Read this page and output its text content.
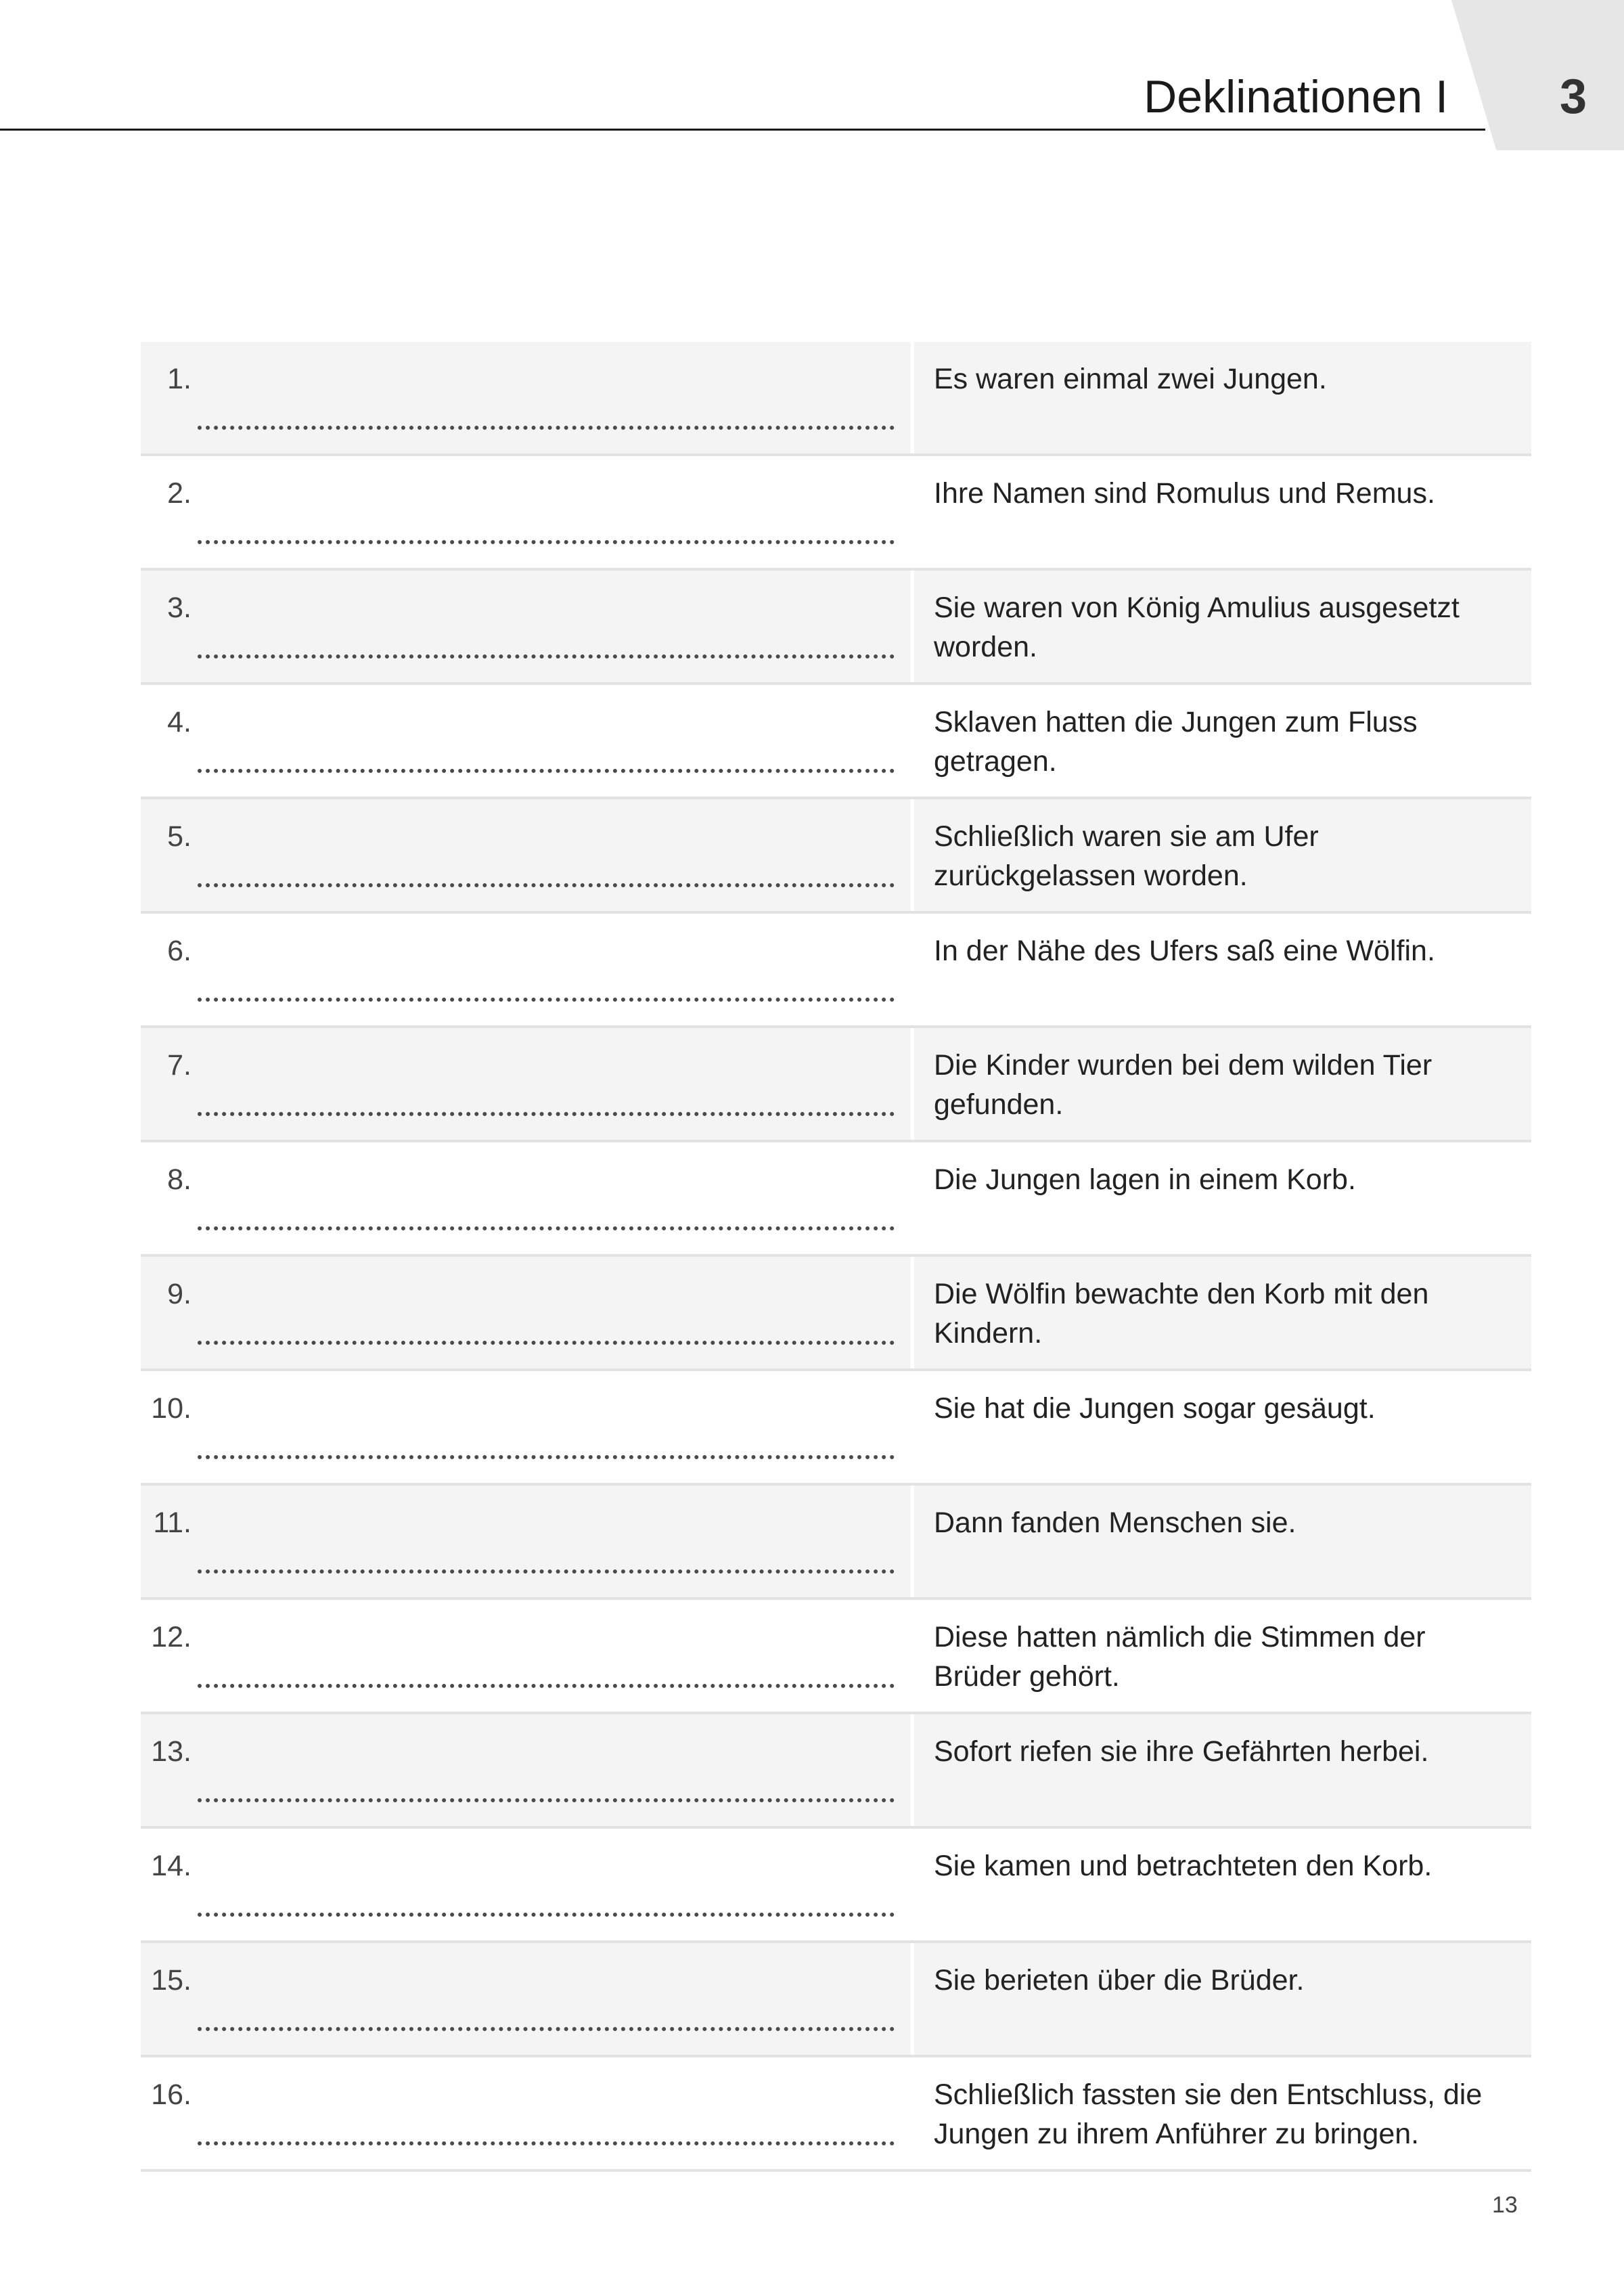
3
Deklinationen I
1.	Es waren einmal zwei Jungen.
2.	Ihre Namen sind Romulus und Remus.
3.	Sie waren von König Amulius ausgesetzt worden.
4.	Sklaven hatten die Jungen zum Fluss getragen.
5.	Schließlich waren sie am Ufer zurückgelassen worden.
6.	In der Nähe des Ufers saß eine Wölfin.
7.	Die Kinder wurden bei dem wilden Tier gefunden.
8.	Die Jungen lagen in einem Korb.
9.	Die Wölfin bewachte den Korb mit den Kindern.
10.	Sie hat die Jungen sogar gesäugt.
11.	Dann fanden Menschen sie.
12.	Diese hatten nämlich die Stimmen der Brüder gehört.
13.	Sofort riefen sie ihre Gefährten herbei.
14.	Sie kamen und betrachteten den Korb.
15.	Sie berieten über die Brüder.
16.	Schließlich fassten sie den Entschluss, die Jungen zu ihrem Anführer zu bringen.
13
